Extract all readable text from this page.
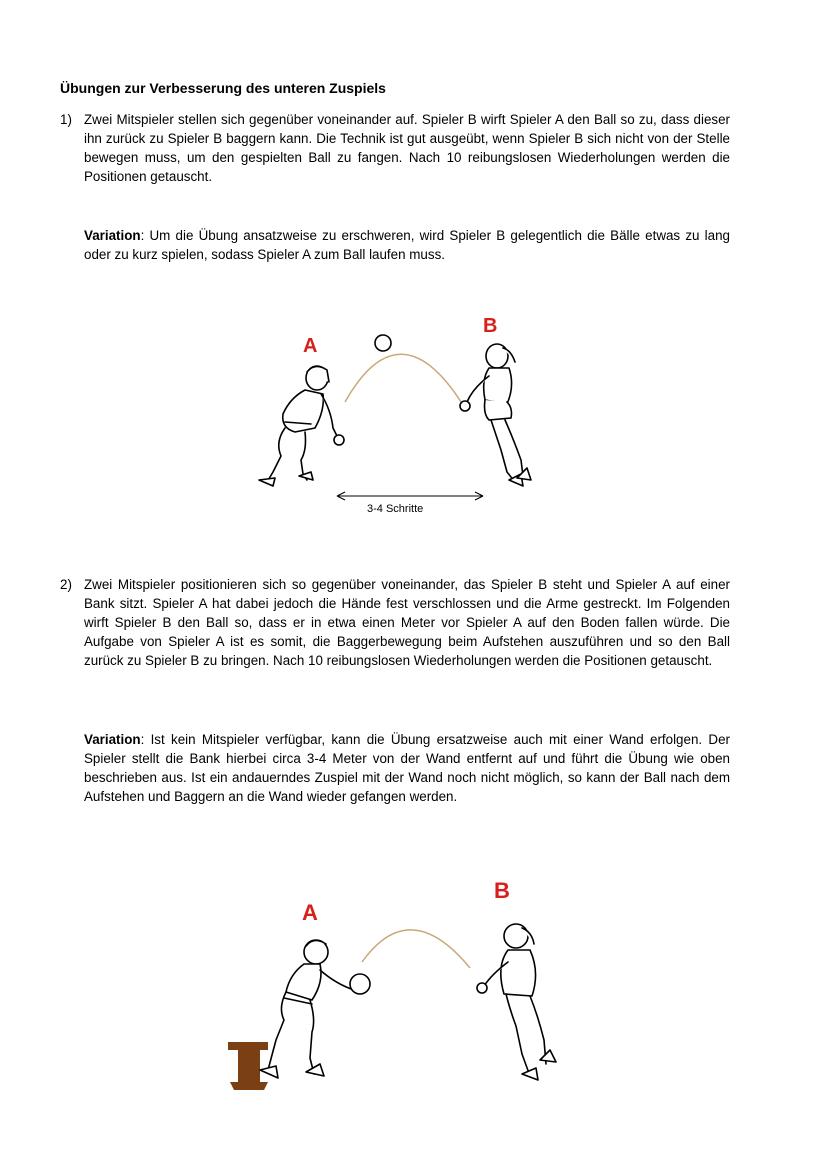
Übungen zur Verbesserung des unteren Zuspiels
1) Zwei Mitspieler stellen sich gegenüber voneinander auf. Spieler B wirft Spieler A den Ball so zu, dass dieser ihn zurück zu Spieler B baggern kann. Die Technik ist gut ausgeübt, wenn Spieler B sich nicht von der Stelle bewegen muss, um den gespielten Ball zu fangen. Nach 10 reibungslosen Wiederholungen werden die Positionen getauscht.
Variation: Um die Übung ansatzweise zu erschweren, wird Spieler B gelegentlich die Bälle etwas zu lang oder zu kurz spielen, sodass Spieler A zum Ball laufen muss.
A
B
3-4 Schritte
2) Zwei Mitspieler positionieren sich so gegenüber voneinander, das Spieler B steht und Spieler A auf einer Bank sitzt. Spieler A hat dabei jedoch die Hände fest verschlossen und die Arme gestreckt. Im Folgenden wirft Spieler B den Ball so, dass er in etwa einen Meter vor Spieler A auf den Boden fallen würde. Die Aufgabe von Spieler A ist es somit, die Baggerbewegung beim Aufstehen auszuführen und so den Ball zurück zu Spieler B zu bringen. Nach 10 reibungslosen Wiederholungen werden die Positionen getauscht.
Variation: Ist kein Mitspieler verfügbar, kann die Übung ersatzweise auch mit einer Wand erfolgen. Der Spieler stellt die Bank hierbei circa 3-4 Meter von der Wand entfernt auf und führt die Übung wie oben beschrieben aus. Ist ein andauerndes Zuspiel mit der Wand noch nicht möglich, so kann der Ball nach dem Aufstehen und Baggern an die Wand wieder gefangen werden.
A
B
